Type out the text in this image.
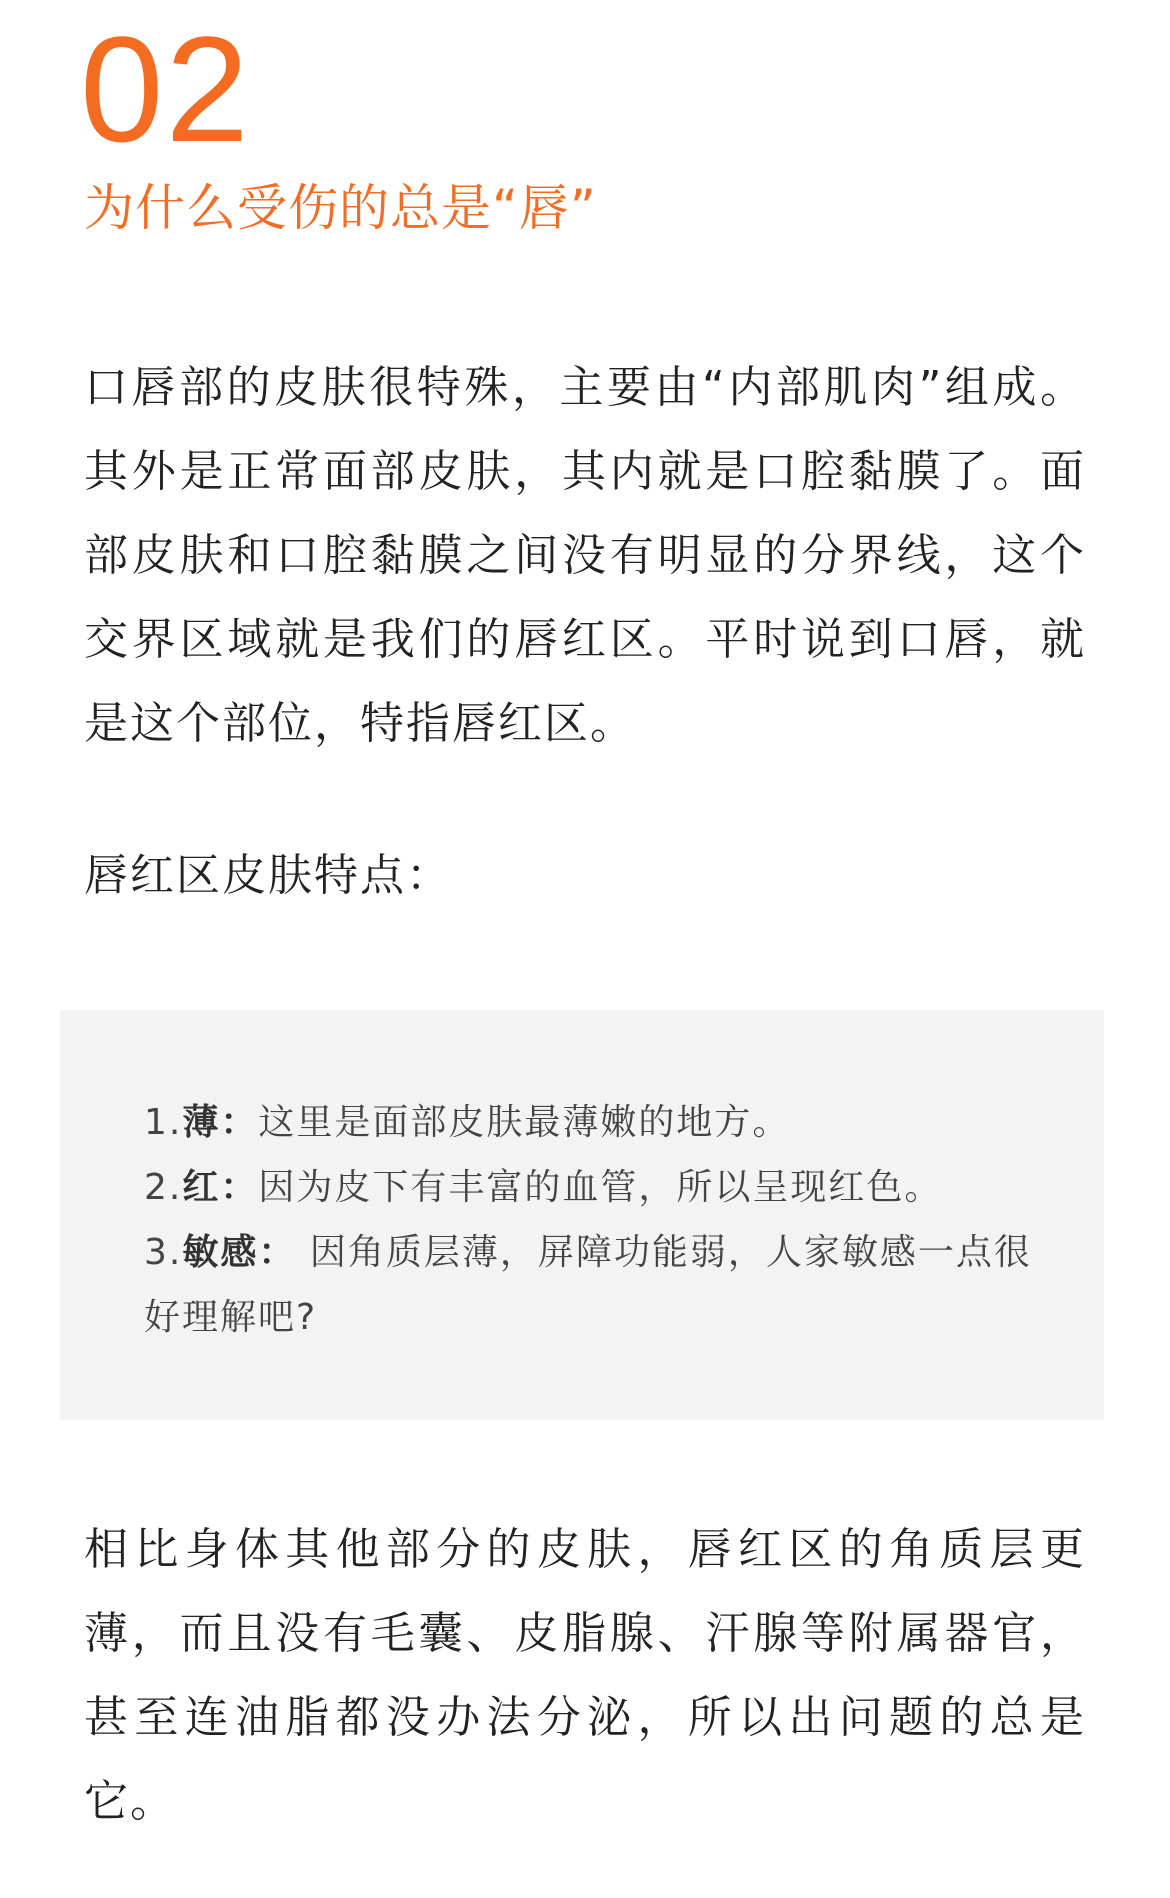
02
为什么受伤的总是“唇”

口唇部的皮肤很特殊，主要由“内部肌肉”组成。其外是正常面部皮肤，其内就是口腔黏膜了。面部皮肤和口腔黏膜之间没有明显的分界线，这个交界区域就是我们的唇红区。平时说到口唇，就是这个部位，特指唇红区。

唇红区皮肤特点：
1.薄：这里是面部皮肤最薄嫩的地方。
2.红：因为皮下有丰富的血管，所以呈现红色。
3.敏感： 因角质层薄，屏障功能弱，人家敏感一点很好理解吧?

相比身体其他部分的皮肤，唇红区的角质层更薄，而且没有毛囊、皮脂腺、汗腺等附属器官，甚至连油脂都没办法分泌，所以出问题的总是它。
